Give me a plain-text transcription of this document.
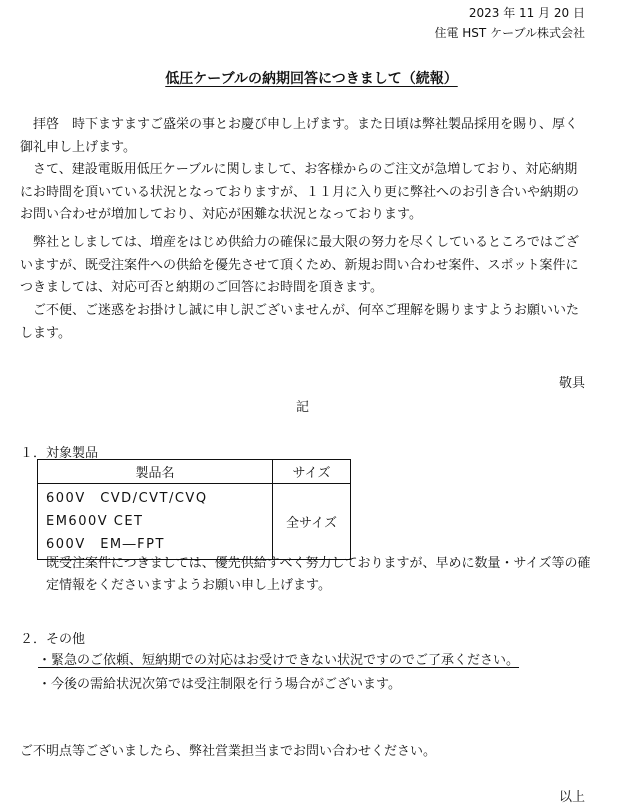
2023 年 11 月 20 日
住電 HST ケーブル株式会社
低圧ケーブルの納期回答につきまして（続報）
拝啓　時下ますますご盛栄の事とお慶び申し上げます。また日頃は弊社製品採用を賜り、厚く御礼申し上げます。
さて、建設電販用低圧ケーブルに関しまして、お客様からのご注文が急増しており、対応納期にお時間を頂いている状況となっておりますが、１１月に入り更に弊社へのお引き合いや納期のお問い合わせが増加しており、対応が困難な状況となっております。
弊社としましては、増産をはじめ供給力の確保に最大限の努力を尽くしているところではございますが、既受注案件への供給を優先させて頂くため、新規お問い合わせ案件、スポット案件につきましては、対応可否と納期のご回答にお時間を頂きます。
ご不便、ご迷惑をお掛けし誠に申し訳ございませんが、何卒ご理解を賜りますようお願いいたします。
敬具
記
１．対象製品
製品名	サイズ

600V　CVD/CVT/CVQ
EM600V CET
600V　EM―FPT	全サイズ
既受注案件につきましては、優先供給すべく努力しておりますが、早めに数量・サイズ等の確定情報をくださいますようお願い申し上げます。
２．その他
・緊急のご依頼、短納期での対応はお受けできない状況ですのでご了承ください。
・今後の需給状況次第では受注制限を行う場合がございます。
ご不明点等ございましたら、弊社営業担当までお問い合わせください。
以上
